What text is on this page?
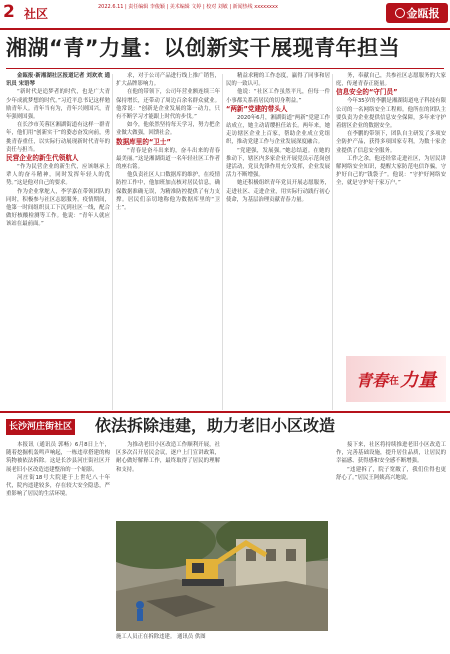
2 社区	2022.6.11 | 责任编辑 李俊颖 | 美术编辑 文婷 | 校对 刘敏 | 新闻热线 xxxxxxxx	金瓯报
湘湖“青”力量：以创新实干展现青年担当

金瓯报·新湘湖社区报道记者 刘欢欢 通讯员 宋语琴

“新时代是追梦者的时代，也是广大青少年成就梦想的时代。”习近平总书记这样勉励青年人。青年当有为，青年兴则国兴，青年强则国强。

在长沙市芙蓉区湘湖街道有这样一群青年，他们用“创新实干”的姿态奋发向前，勇挑青春重任，以实际行动展现新时代青年的责任与担当。

民营企业的新生代领航人

“作为民营企业的新生代，应该继承上辈人的奋斗精神，同时发挥年轻人的优势。”这是他对自己的要求。

作为企业掌舵人，李学嘉在带领团队的同时，积极参与社区志愿服务。疫情期间，他第一时间组织员工下沉到社区一线，配合做好核酸检测等工作。他说：“青年人就应该站在最前面。”

求，对于公司产品进行线上推广销售，扩大品牌影响力。

在他的带领下，公司年营业额连续三年保持增长，还带动了周边百余名群众就业。他常说：“创新是企业发展的第一动力，只有不断学习才能跟上时代的步伐。”

如今，他依然坚持每天学习，努力把企业做大做强，回馈社会。

数据库里的“卫士”

“青春是奋斗出来的，奋斗出来的青春最美丽。”这是湘湖街道一名年轻社区工作者的座右铭。

他负责社区人口数据库的维护，在疫情防控工作中，他加班加点核对居民信息，确保数据准确无误，为精准防控提供了有力支撑。居民们亲切地称他为数据库里的“卫士”。

精益求精的工作态度，赢得了同事和居民的一致认可。

他说：“社区工作虽然平凡，但每一件小事都关系着居民的切身利益。”

“两新”党建的带头人

2020年6月，湘湖街道“两新”党建工作站成立，她主动请缨担任站长。两年来，她走访辖区企业上百家，帮助企业成立党组织，推动党建工作与企业发展深度融合。

“党建强，发展强。”她总结道。在她的推动下，辖区内多家企业开展党员示范岗创建活动，党员先锋作用充分发挥，企业发展活力不断增强。

她还积极组织青年党员开展志愿服务，走进社区、走进企业，用实际行动践行初心使命，为基层治理贡献青春力量。

务，奉献自己，共参社区志愿服务的大家庭，传递青春正能量。

信息安全的“守门员”

今年35岁的李鹏是湘湖街道电子科技有限公司的一名网络安全工程师。他所在的团队主要负责为企业提供信息安全保障，多年来守护着辖区企业的数据安全。

在李鹏的带领下，团队自主研发了多项安全防护产品，获得多项国家专利，为数十家企业提供了信息安全服务。

工作之余，他还经常走进社区，为居民讲解网络安全知识，提醒大家防范电信诈骗，守护好自己的“钱袋子”。他说：“守护好网络安全，就是守护好千家万户。”

青春 在 力量
长沙河庄街社区 依法拆除违建，助力老旧小区改造

本报讯（通讯员 郭畅）6月8日上午，随着挖掘机轰鸣声响起，一栋违章搭建的构筑物被依法拆除。这是长沙县河庄街社区开展老旧小区改造违建整治的一个缩影。

河庄街18号大院建于上世纪八十年代，院内违建较多，存在较大安全隐患，严重影响了居民的生活环境。

为推动老旧小区改造工作顺利开展，社区多次召开居民会议，逐户上门宣讲政策，耐心做好解释工作，最终取得了居民的理解和支持。

施工人员正在拆除违建。 通讯员 供图

接下来，社区将持续推进老旧小区改造工作，完善基础设施，提升居住品质，让居民的幸福感、获得感和安全感不断增强。

“违建拆了，院子宽敞了，我们住得也更舒心了。”居民王阿姨高兴地说。
